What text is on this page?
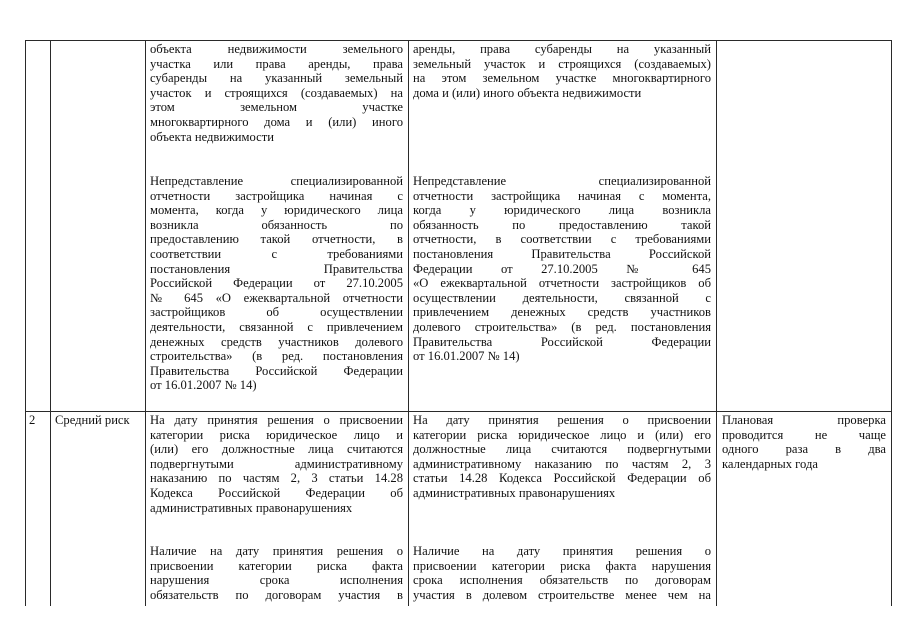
объекта недвижимости земельного

участка или права аренды, права

субаренды на указанный земельный

участок и строящихся (создаваемых) на

этом земельном участке

многоквартирного дома и (или) иного

объекта недвижимости

Непредставление специализированной

отчетности застройщика начиная с

момента, когда у юридического лица

возникла обязанность по

предоставлению такой отчетности, в

соответствии с требованиями

постановления Правительства

Российской Федерации от 27.10.2005

№ 645 «О ежеквартальной отчетности

застройщиков об осуществлении

деятельности, связанной с привлечением

денежных средств участников долевого

строительства» (в ред. постановления

Правительства Российской Федерации

от 16.01.2007 № 14)

аренды, права субаренды на указанный

земельный участок и строящихся (создаваемых)

на этом земельном участке многоквартирного

дома и (или) иного объекта недвижимости

Непредставление специализированной

отчетности застройщика начиная с момента,

когда у юридического лица возникла

обязанность по предоставлению такой

отчетности, в соответствии с требованиями

постановления Правительства Российской

Федерации от 27.10.2005 № 645

«О ежеквартальной отчетности застройщиков об

осуществлении деятельности, связанной с

привлечением денежных средств участников

долевого строительства» (в ред. постановления

Правительства Российской Федерации

от 16.01.2007 № 14)

2	Средний риск	На дату принятия решения о присвоении

категории риска юридическое лицо и

(или) его должностные лица считаются

подвергнутыми административному

наказанию по частям 2, 3 статьи 14.28

Кодекса Российской Федерации об

административных правонарушениях

Наличие на дату принятия решения о

присвоении категории риска факта

нарушения срока исполнения

обязательств по договорам участия в

На дату принятия решения о присвоении

категории риска юридическое лицо и (или) его

должностные лица считаются подвергнутыми

административному наказанию по частям 2, 3

статьи 14.28 Кодекса Российской Федерации об

административных правонарушениях

Наличие на дату принятия решения о

присвоении категории риска факта нарушения

срока исполнения обязательств по договорам

участия в долевом строительстве менее чем на

Плановая проверка

проводится не чаще

одного раза в два

календарных года
